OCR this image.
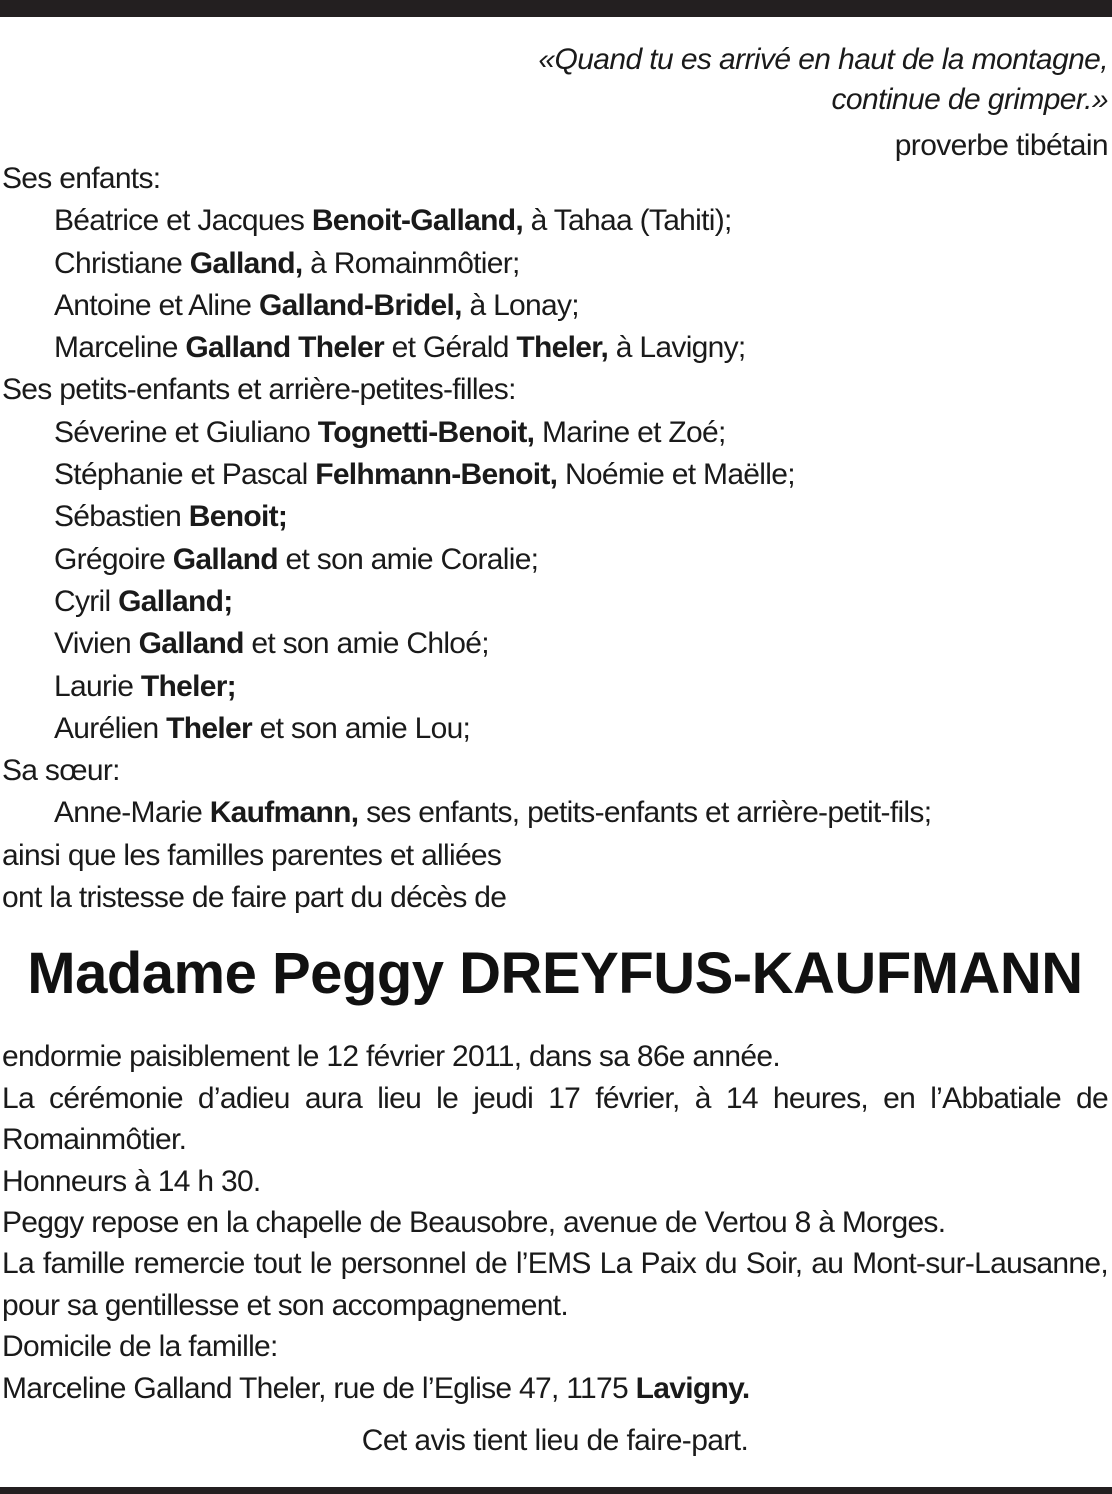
«Quand tu es arrivé en haut de la montagne,
continue de grimper.»
proverbe tibétain
Ses enfants:
Béatrice et Jacques Benoit-Galland, à Tahaa (Tahiti);
Christiane Galland, à Romainmôtier;
Antoine et Aline Galland-Bridel, à Lonay;
Marceline Galland Theler et Gérald Theler, à Lavigny;
Ses petits-enfants et arrière-petites-filles:
Séverine et Giuliano Tognetti-Benoit, Marine et Zoé;
Stéphanie et Pascal Felhmann-Benoit, Noémie et Maëlle;
Sébastien Benoit;
Grégoire Galland et son amie Coralie;
Cyril Galland;
Vivien Galland et son amie Chloé;
Laurie Theler;
Aurélien Theler et son amie Lou;
Sa sœur:
Anne-Marie Kaufmann, ses enfants, petits-enfants et arrière-petit-fils;
ainsi que les familles parentes et alliées
ont la tristesse de faire part du décès de
Madame Peggy DREYFUS-KAUFMANN
endormie paisiblement le 12 février 2011, dans sa 86e année.
La cérémonie d’adieu aura lieu le jeudi 17 février, à 14 heures, en l’Abbatiale de Romainmôtier.
Honneurs à 14 h 30.
Peggy repose en la chapelle de Beausobre, avenue de Vertou 8 à Morges.
La famille remercie tout le personnel de l’EMS La Paix du Soir, au Mont-sur-Lausanne, pour sa gentillesse et son accompagnement.
Domicile de la famille:
Marceline Galland Theler, rue de l’Eglise 47, 1175 Lavigny.
Cet avis tient lieu de faire-part.
